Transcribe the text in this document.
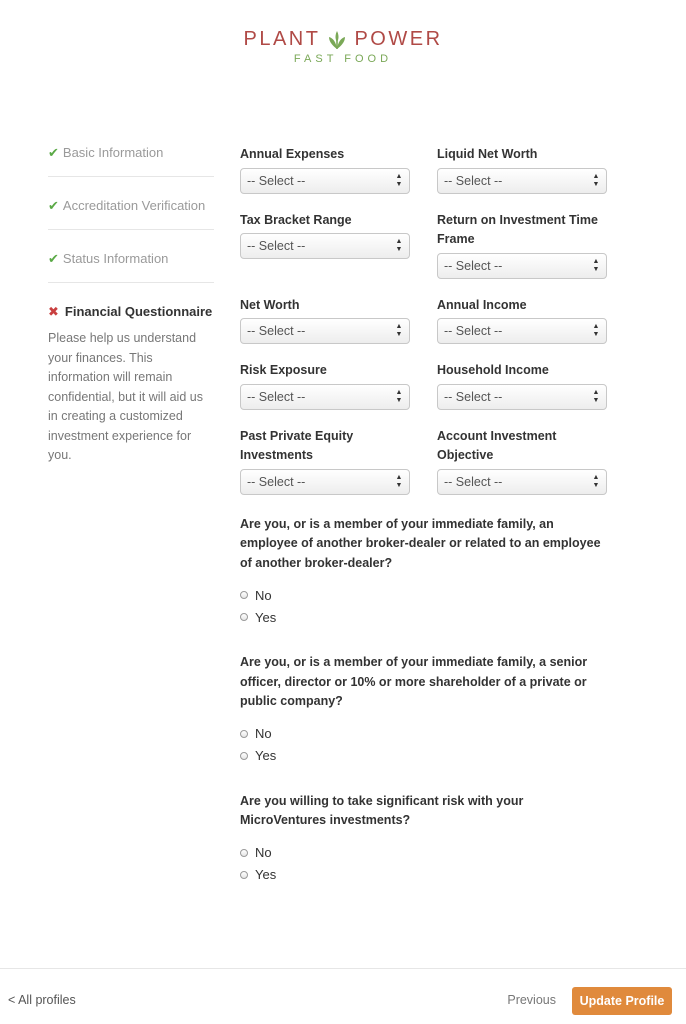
PLANT POWER
FAST FOOD
✔ Basic Information
✔ Accreditation Verification
✔ Status Information
✖ Financial Questionnaire
Please help us understand your finances. This information will remain confidential, but it will aid us in creating a customized investment experience for you.
Annual Expenses
-- Select --	▲
▼
Liquid Net Worth
-- Select --	▲
▼
Tax Bracket Range
-- Select --	▲
▼
Return on Investment Time Frame
-- Select --	▲
▼
Net Worth
-- Select --	▲
▼
Annual Income
-- Select --	▲
▼
Risk Exposure
-- Select --	▲
▼
Household Income
-- Select --	▲
▼
Past Private Equity Investments
-- Select --	▲
▼
Account Investment Objective
-- Select --	▲
▼
Are you, or is a member of your immediate family, an employee of another broker-dealer or related to an employee of another broker-dealer?
No
Yes
Are you, or is a member of your immediate family, a senior officer, director or 10% or more shareholder of a private or public company?
No
Yes
Are you willing to take significant risk with your MicroVentures investments?
No
Yes
< All profiles	Previous	Update Profile
